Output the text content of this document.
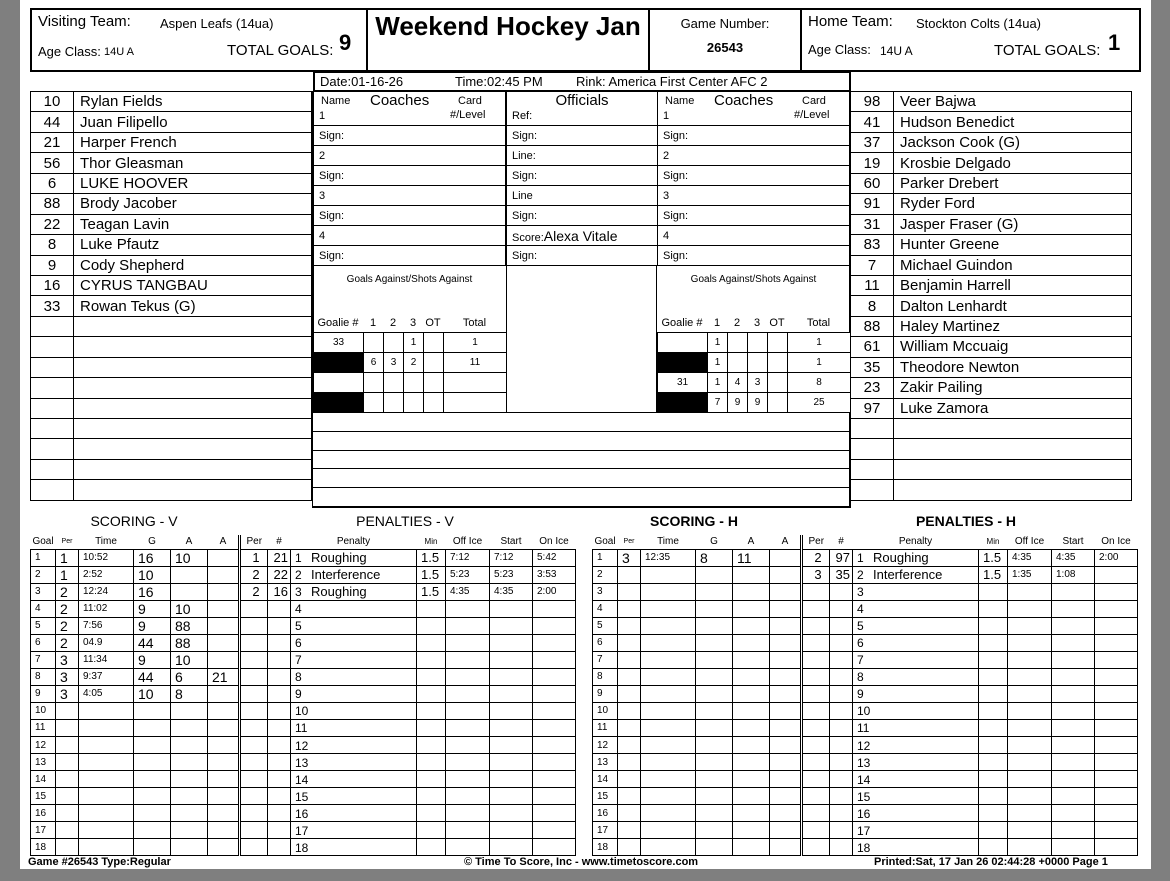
Visiting Team: Aspen Leafs (14ua)
Age Class: 14U A	TOTAL GOALS: 9
Weekend Hockey Jan	Game Number:
26543
Home Team: Stockton Colts (14ua)
Age Class: 14U A	TOTAL GOALS: 1
Date:01-16-26	Time:02:45 PM	Rink: America First Center AFC 2
10	Rylan Fields
44	Juan Filipello
21	Harper French
56	Thor Gleasman
6	LUKE HOOVER
88	Brody Jacober
22	Teagan Lavin
8	Luke Pfautz
9	Cody Shepherd
16	CYRUS TANGBAU
33	Rowan Tekus (G)

98	Veer Bajwa
41	Hudson Benedict
37	Jackson Cook (G)
19	Krosbie Delgado
60	Parker Drebert
91	Ryder Ford
31	Jasper Fraser (G)
83	Hunter Greene
7	Michael Guindon
11	Benjamin Harrell
8	Dalton Lenhardt
88	Haley Martinez
61	William Mccuaig
35	Theodore Newton
23	Zakir Pailing
97	Luke Zamora

Name Coaches	Card
#/Level
1

Sign:
2
Sign:
3
Sign:
4
Sign:
Officials
Ref:

Sign:
Line:
Sign:
Line
Sign:
Score:Alexa Vitale
Sign:
Name Coaches	Card
#/Level
1

Sign:
2
Sign:
3
Sign:
4
Sign:
Goals Against/Shots Against
Goalie #	1	2	3 OT	Total
33			1		1
	6	3	2		11

Goals Against/Shots Against
Goalie #	1	2	3 OT	Total
	1				1
	1				1
31	1	4	3		8
	7	9	9		25

SCORING - V	PENALTIES - V	SCORING - H	PENALTIES - H
Goal	Per	Time	G	A	A
1	1	10:52	16	10	
2	1	2:52	10		
3	2	12:24	16		
4	2	11:02	9	10	
5	2	7:56	9	88	
6	2	04.9	44	88	
7	3	11:34	9	10	
8	3	9:37	44	6	21
9	3	4:05	10	8	
10					
11					
12					
13					
14					
15					
16					
17					
18					
Per	#	Penalty	Min	Off Ice	Start	On Ice
1	21	1 Roughing	1.5	7:12	7:12	5:42
2	22	2 Interference	1.5	5:23	5:23	3:53
2	16	3 Roughing	1.5	4:35	4:35	2:00
		4				
		5				
		6				
		7				
		8				
		9				
		10				
		11				
		12				
		13				
		14				
		15				
		16				
		17				
		18				
Goal	Per	Time	G	A	A
1	3	12:35	8	11	
2					
3					
4					
5					
6					
7					
8					
9					
10					
11					
12					
13					
14					
15					
16					
17					
18					
Per	#	Penalty	Min	Off Ice	Start	On Ice
2	97	1 Roughing	1.5	4:35	4:35	2:00
3	35	2 Interference	1.5	1:35	1:08	
		3				
		4				
		5				
		6				
		7				
		8				
		9				
		10				
		11				
		12				
		13				
		14				
		15				
		16				
		17				
		18				
Game #26543 Type:Regular	© Time To Score, Inc - www.timetoscore.com	Printed:Sat, 17 Jan 26 02:44:28 +0000 Page 1
